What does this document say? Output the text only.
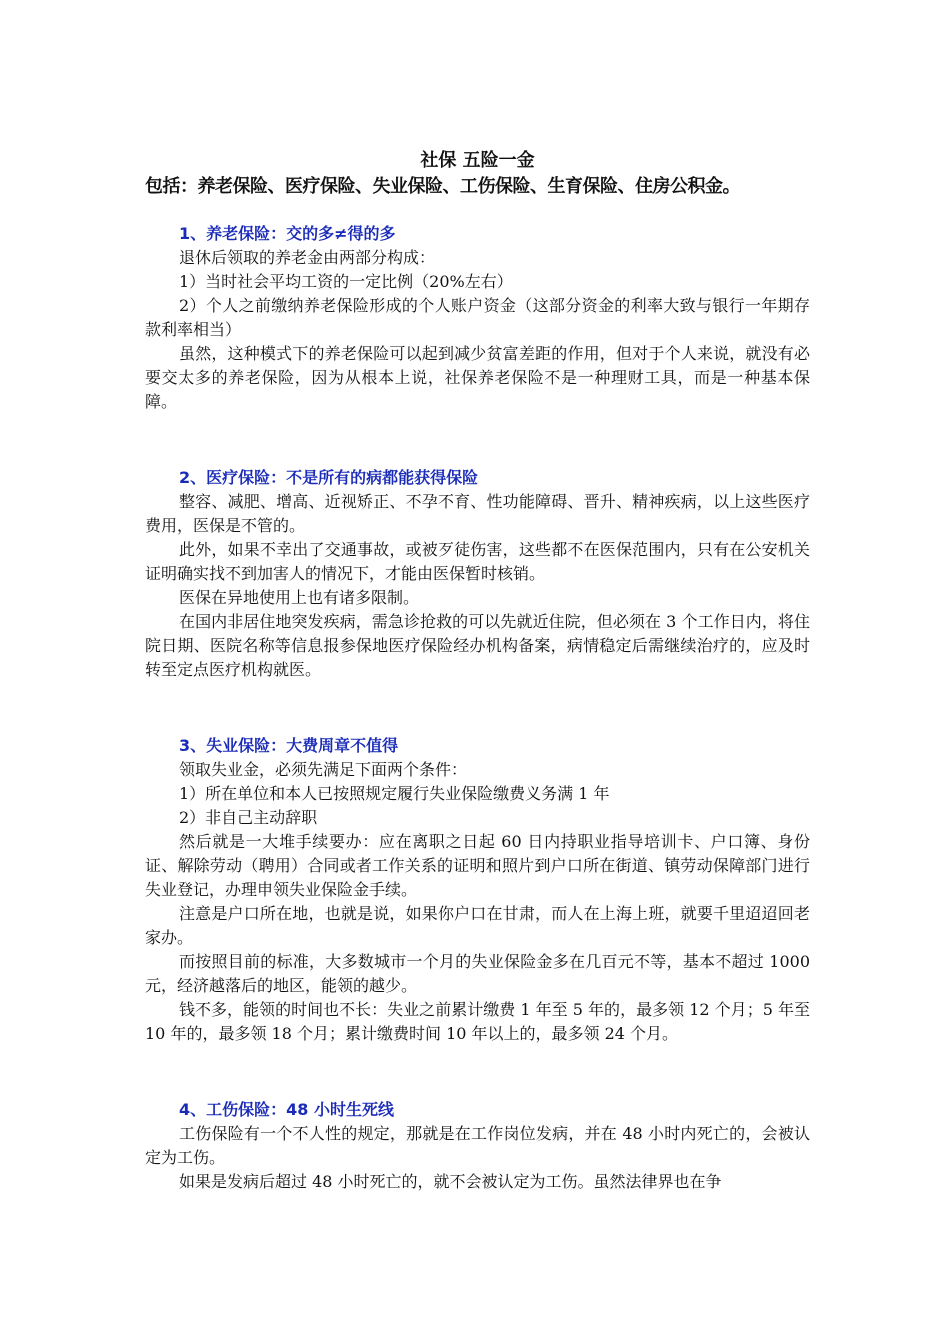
社保 五险一金
包括：养老保险、医疗保险、失业保险、工伤保险、生育保险、住房公积金。
1、养老保险：交的多≠得的多

退休后领取的养老金由两部分构成：

1）当时社会平均工资的一定比例（20%左右）

2）个人之前缴纳养老保险形成的个人账户资金（这部分资金的利率大致与银行一年期存款利率相当）

虽然，这种模式下的养老保险可以起到减少贫富差距的作用，但对于个人来说，就没有必要交太多的养老保险，因为从根本上说，社保养老保险不是一种理财工具，而是一种基本保障。

2、医疗保险：不是所有的病都能获得保险

整容、减肥、增高、近视矫正、不孕不育、性功能障碍、晋升、精神疾病，以上这些医疗费用，医保是不管的。

此外，如果不幸出了交通事故，或被歹徒伤害，这些都不在医保范围内，只有在公安机关证明确实找不到加害人的情况下，才能由医保暂时核销。

医保在异地使用上也有诸多限制。

在国内非居住地突发疾病，需急诊抢救的可以先就近住院，但必须在 3 个工作日内，将住院日期、医院名称等信息报参保地医疗保险经办机构备案，病情稳定后需继续治疗的，应及时转至定点医疗机构就医。

3、失业保险：大费周章不值得

领取失业金，必须先满足下面两个条件：

1）所在单位和本人已按照规定履行失业保险缴费义务满 1 年

2）非自己主动辞职

然后就是一大堆手续要办：应在离职之日起 60 日内持职业指导培训卡、户口簿、身份证、解除劳动（聘用）合同或者工作关系的证明和照片到户口所在街道、镇劳动保障部门进行失业登记，办理申领失业保险金手续。

注意是户口所在地，也就是说，如果你户口在甘肃，而人在上海上班，就要千里迢迢回老家办。

而按照目前的标准，大多数城市一个月的失业保险金多在几百元不等，基本不超过 1000 元，经济越落后的地区，能领的越少。

钱不多，能领的时间也不长：失业之前累计缴费 1 年至 5 年的，最多领 12 个月；5 年至 10 年的，最多领 18 个月；累计缴费时间 10 年以上的，最多领 24 个月。

4、工伤保险：48 小时生死线

工伤保险有一个不人性的规定，那就是在工作岗位发病，并在 48 小时内死亡的，会被认定为工伤。

如果是发病后超过 48 小时死亡的，就不会被认定为工伤。虽然法律界也在争
